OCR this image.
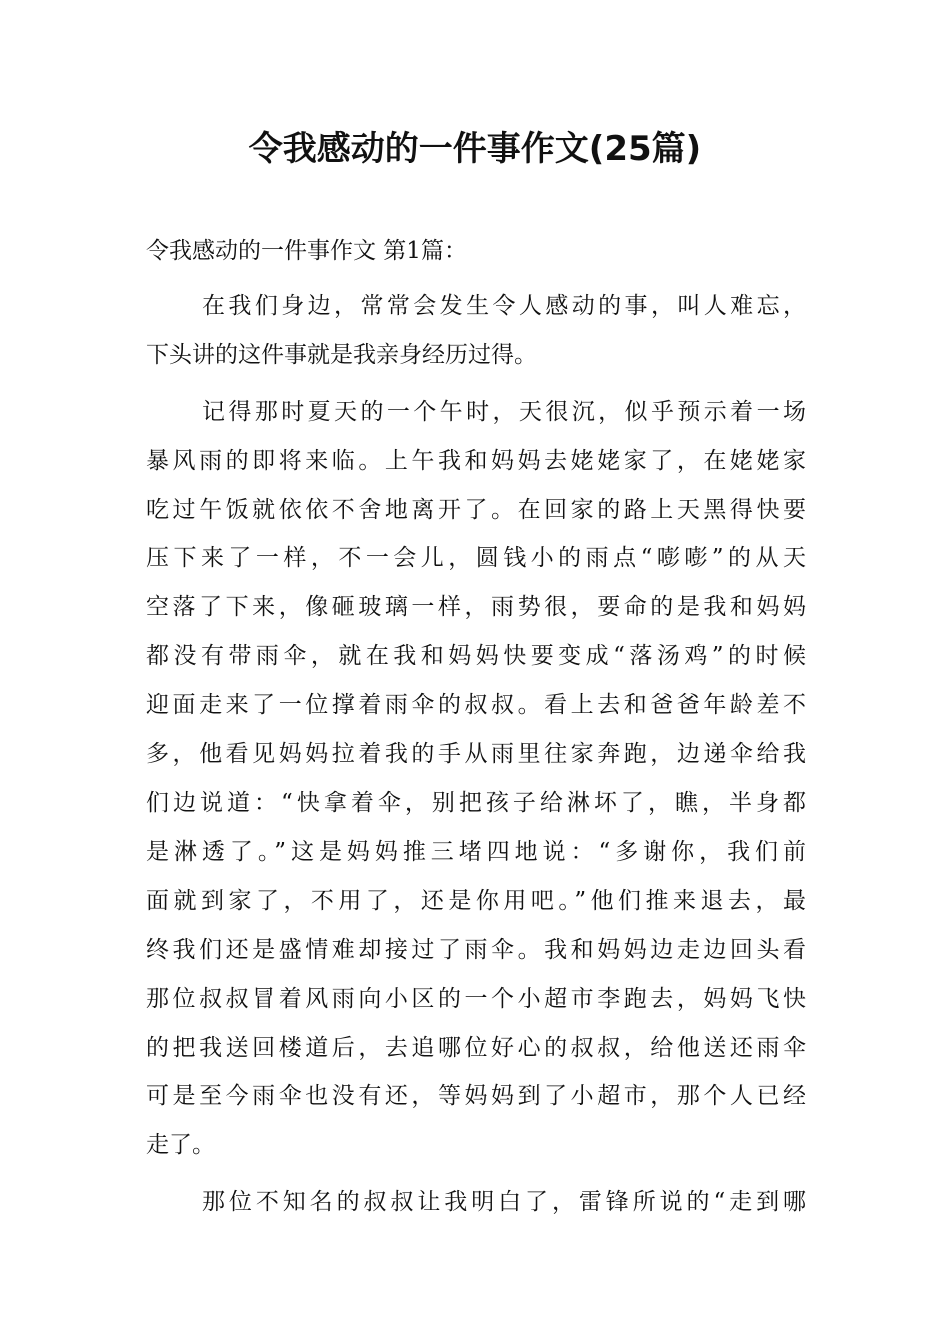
令我感动的一件事作文(25篇)
令我感动的一件事作文 第1篇：
在我们身边，常常会发生令人感动的事，叫人难忘，
下头讲的这件事就是我亲身经历过得。
记得那时夏天的一个午时，天很沉，似乎预示着一场
暴风雨的即将来临。上午我和妈妈去姥姥家了，在姥姥家
吃过午饭就依依不舍地离开了。在回家的路上天黑得快要
压下来了一样，不一会儿，圆钱小的雨点“嘭嘭”的从天
空落了下来，像砸玻璃一样，雨势很，要命的是我和妈妈
都没有带雨伞，就在我和妈妈快要变成“落汤鸡”的时候
迎面走来了一位撑着雨伞的叔叔。看上去和爸爸年龄差不
多，他看见妈妈拉着我的手从雨里往家奔跑，边递伞给我
们边说道：“快拿着伞，别把孩子给淋坏了，瞧，半身都
是淋透了。”这是妈妈推三堵四地说：“多谢你，我们前
面就到家了，不用了，还是你用吧。”他们推来退去，最
终我们还是盛情难却接过了雨伞。我和妈妈边走边回头看
那位叔叔冒着风雨向小区的一个小超市李跑去，妈妈飞快
的把我送回楼道后，去追哪位好心的叔叔，给他送还雨伞
可是至今雨伞也没有还，等妈妈到了小超市，那个人已经
走了。
那位不知名的叔叔让我明白了，雷锋所说的“走到哪
